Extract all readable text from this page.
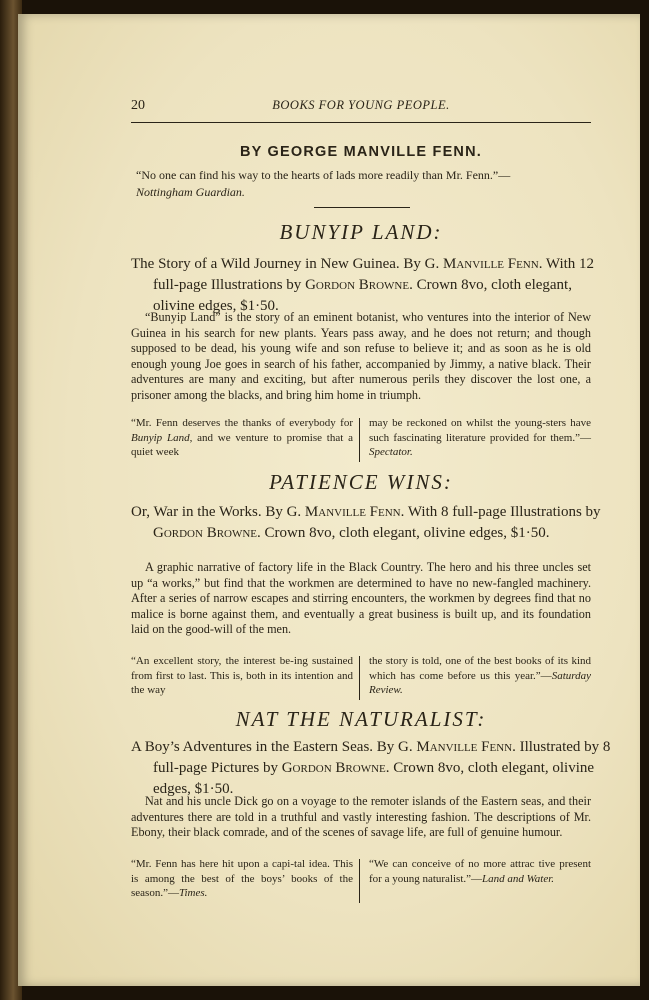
20	BOOKS FOR YOUNG PEOPLE.
BY GEORGE MANVILLE FENN.
“No one can find his way to the hearts of lads more readily than Mr. Fenn.”—
Nottingham Guardian.
BUNYIP LAND:
The Story of a Wild Journey in New Guinea. By G. Manville Fenn. With 12 full-page Illustrations by Gordon Browne. Crown 8vo, cloth elegant, olivine edges, $1·50.
“Bunyip Land” is the story of an eminent botanist, who ventures into the interior of New Guinea in his search for new plants. Years pass away, and he does not return; and though supposed to be dead, his young wife and son refuse to believe it; and as soon as he is old enough young Joe goes in search of his father, accompanied by Jimmy, a native black. Their adventures are many and exciting, but after numerous perils they discover the lost one, a prisoner among the blacks, and bring him home in triumph.
“Mr. Fenn deserves the thanks of everybody for Bunyip Land, and we venture to promise that a quiet week
may be reckoned on whilst the young-sters have such fascinating literature provided for them.”—Spectator.
PATIENCE WINS:
Or, War in the Works. By G. Manville Fenn. With 8 full-page Illustrations by Gordon Browne. Crown 8vo, cloth elegant, olivine edges, $1·50.
A graphic narrative of factory life in the Black Country. The hero and his three uncles set up “a works,” but find that the workmen are determined to have no new-fangled machinery. After a series of narrow escapes and stirring encounters, the workmen by degrees find that no malice is borne against them, and eventually a great business is built up, and its foundation laid on the good-will of the men.
“An excellent story, the interest be-ing sustained from first to last. This is, both in its intention and the way
the story is told, one of the best books of its kind which has come before us this year.”—Saturday Review.
NAT THE NATURALIST:
A Boy’s Adventures in the Eastern Seas. By G. Manville Fenn. Illustrated by 8 full-page Pictures by Gordon Browne. Crown 8vo, cloth elegant, olivine edges, $1·50.
Nat and his uncle Dick go on a voyage to the remoter islands of the Eastern seas, and their adventures there are told in a truthful and vastly interesting fashion. The descriptions of Mr. Ebony, their black comrade, and of the scenes of savage life, are full of genuine humour.
“Mr. Fenn has here hit upon a capi-tal idea. This is among the best of the boys’ books of the season.”—Times.
“We can conceive of no more attrac tive present for a young naturalist.”—Land and Water.
